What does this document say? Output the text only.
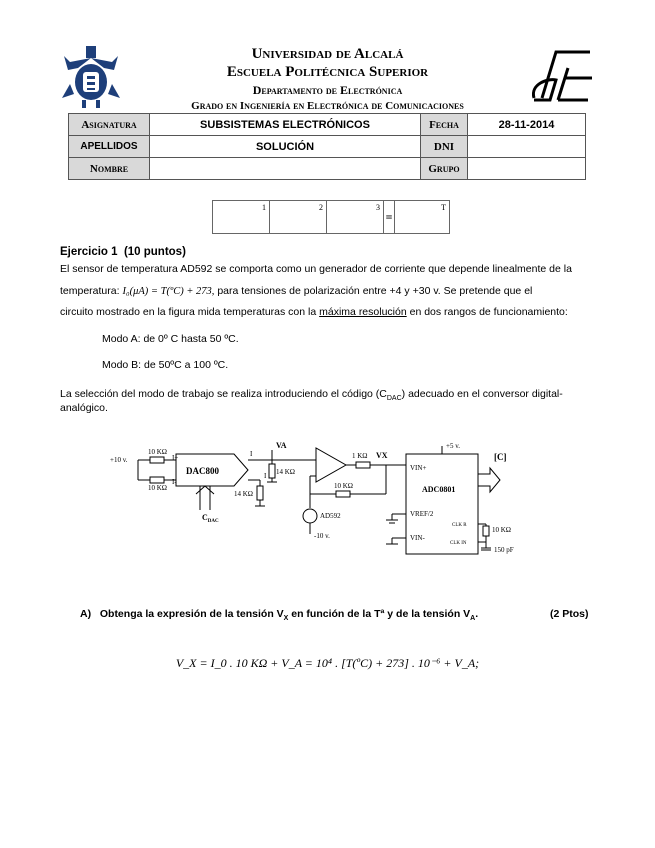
Universidad de Alcalá
Escuela Politécnica Superior
Departamento de Electrónica
Grado en Ingeniería en Electrónica de Comunicaciones
dE
Asignatura	SUBSISTEMAS ELECTRÓNICOS	Fecha	28-11-2014
APELLIDOS	SOLUCIÓN	DNI	
Nombre		Grupo	
1	2	3	=	T
Ejercicio 1 (10 puntos)
El sensor de temperatura AD592 se comporta como un generador de corriente que depende linealmente de la
temperatura: I₀(μA) = T(ºC) + 273, para tensiones de polarización entre +4 y +30 v. Se pretende que el
circuito mostrado en la figura mida temperaturas con la máxima resolución en dos rangos de funcionamiento:
Modo A: de 0º C hasta 50 ºC.
Modo B: de 50ºC a 100 ºC.
La selección del modo de trabajo se realiza introduciendo el código $(C_{DAC})$ adecuado en el conversor digital-
analógico.
+10 v.
10 KΩ
10 KΩ
I+
I-
DAC800
$C_{DAC}$
I
I 14 KΩ
14 KΩ
VA
1 KΩ VX
10 KΩ
AD592
-10 v.
+5 v.
[C]
ADC0801
VIN+
VREF/2
VIN-
CLK R
CLK IN
10 KΩ
150 pF
A) Obtenga la expresión de la tensión $V_X$ en función de la Tª y de la tensión $V_A$.	(2 Ptos)
V_X = I_0 . 10 KΩ + V_A = 10⁴ . [T(ºC) + 273] . 10⁻⁶ + V_A;
